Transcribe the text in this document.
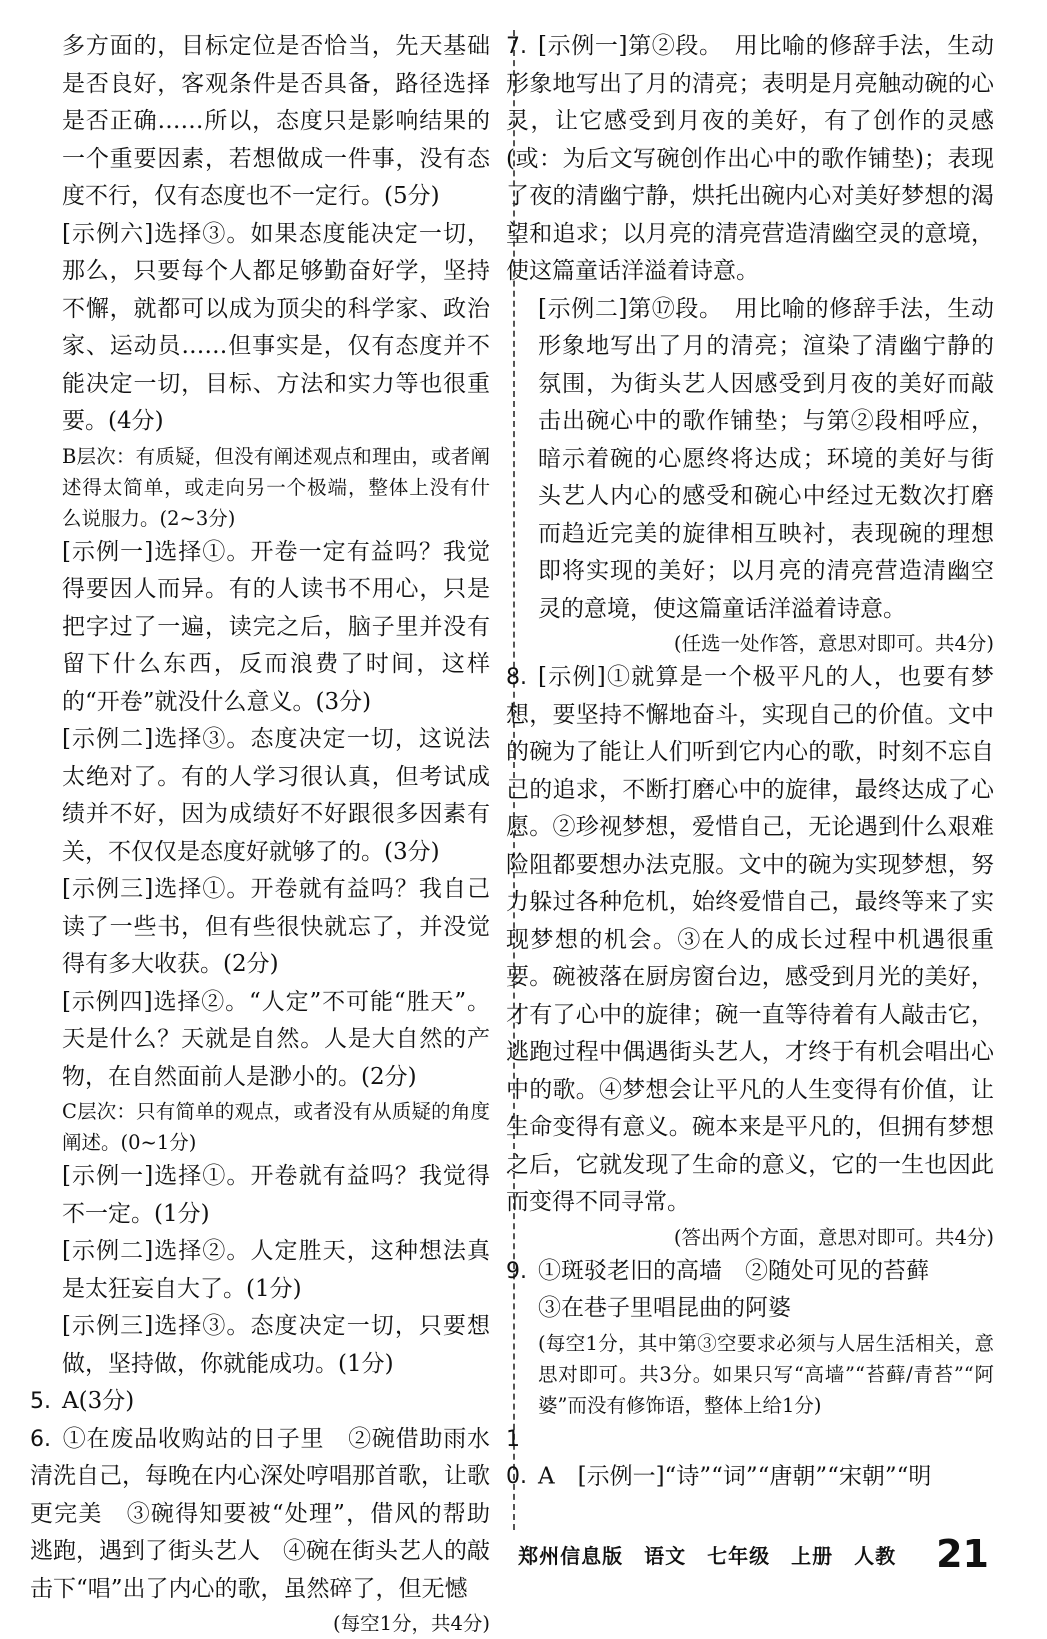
多方面的，目标定位是否恰当，先天基础是否良好，客观条件是否具备，路径选择是否正确……所以，态度只是影响结果的一个重要因素，若想做成一件事，没有态度不行，仅有态度也不一定行。(5分)

[示例六]选择③。如果态度能决定一切，那么，只要每个人都足够勤奋好学，坚持不懈，就都可以成为顶尖的科学家、政治家、运动员……但事实是，仅有态度并不能决定一切，目标、方法和实力等也很重要。(4分)

B层次：有质疑，但没有阐述观点和理由，或者阐述得太简单，或走向另一个极端，整体上没有什么说服力。(2~3分)

[示例一]选择①。开卷一定有益吗？我觉得要因人而异。有的人读书不用心，只是把字过了一遍，读完之后，脑子里并没有留下什么东西，反而浪费了时间，这样的“开卷”就没什么意义。(3分)

[示例二]选择③。态度决定一切，这说法太绝对了。有的人学习很认真，但考试成绩并不好，因为成绩好不好跟很多因素有关，不仅仅是态度好就够了的。(3分)

[示例三]选择①。开卷就有益吗？我自己读了一些书，但有些很快就忘了，并没觉得有多大收获。(2分)

[示例四]选择②。“人定”不可能“胜天”。天是什么？天就是自然。人是大自然的产物，在自然面前人是渺小的。(2分)

C层次：只有简单的观点，或者没有从质疑的角度阐述。(0~1分)

[示例一]选择①。开卷就有益吗？我觉得不一定。(1分)

[示例二]选择②。人定胜天，这种想法真是太狂妄自大了。(1分)

[示例三]选择③。态度决定一切，只要想做，坚持做，你就能成功。(1分)

5. A(3分)

6. ①在废品收购站的日子里　②碗借助雨水清洗自己，每晚在内心深处哼唱那首歌，让歌更完美　③碗得知要被“处理”，借风的帮助逃跑，遇到了街头艺人　④碗在街头艺人的敲击下“唱”出了内心的歌，虽然碎了，但无憾

(每空1分，共4分)

7. [示例一]第②段。　用比喻的修辞手法，生动形象地写出了月的清亮；表明是月亮触动碗的心灵，让它感受到月夜的美好，有了创作的灵感(或：为后文写碗创作出心中的歌作铺垫)；表现了夜的清幽宁静，烘托出碗内心对美好梦想的渴望和追求；以月亮的清亮营造清幽空灵的意境，使这篇童话洋溢着诗意。

[示例二]第⑰段。　用比喻的修辞手法，生动形象地写出了月的清亮；渲染了清幽宁静的氛围，为街头艺人因感受到月夜的美好而敲击出碗心中的歌作铺垫；与第②段相呼应，暗示着碗的心愿终将达成；环境的美好与街头艺人内心的感受和碗心中经过无数次打磨而趋近完美的旋律相互映衬，表现碗的理想即将实现的美好；以月亮的清亮营造清幽空灵的意境，使这篇童话洋溢着诗意。

(任选一处作答，意思对即可。共4分)

8. [示例]①就算是一个极平凡的人，也要有梦想，要坚持不懈地奋斗，实现自己的价值。文中的碗为了能让人们听到它内心的歌，时刻不忘自己的追求，不断打磨心中的旋律，最终达成了心愿。②珍视梦想，爱惜自己，无论遇到什么艰难险阻都要想办法克服。文中的碗为实现梦想，努力躲过各种危机，始终爱惜自己，最终等来了实现梦想的机会。③在人的成长过程中机遇很重要。碗被落在厨房窗台边，感受到月光的美好，才有了心中的旋律；碗一直等待着有人敲击它，逃跑过程中偶遇街头艺人，才终于有机会唱出心中的歌。④梦想会让平凡的人生变得有价值，让生命变得有意义。碗本来是平凡的，但拥有梦想之后，它就发现了生命的意义，它的一生也因此而变得不同寻常。

(答出两个方面，意思对即可。共4分)

9. ①斑驳老旧的高墙　②随处可见的苔藓

③在巷子里唱昆曲的阿婆

(每空1分，其中第③空要求必须与人居生活相关，意思对即可。共3分。如果只写“高墙”“苔藓/青苔”“阿婆”而没有修饰语，整体上给1分)

10. A　[示例一]“诗”“词”“唐朝”“宋朝”“明

郑州信息版　语文　七年级　上册　人教 21
